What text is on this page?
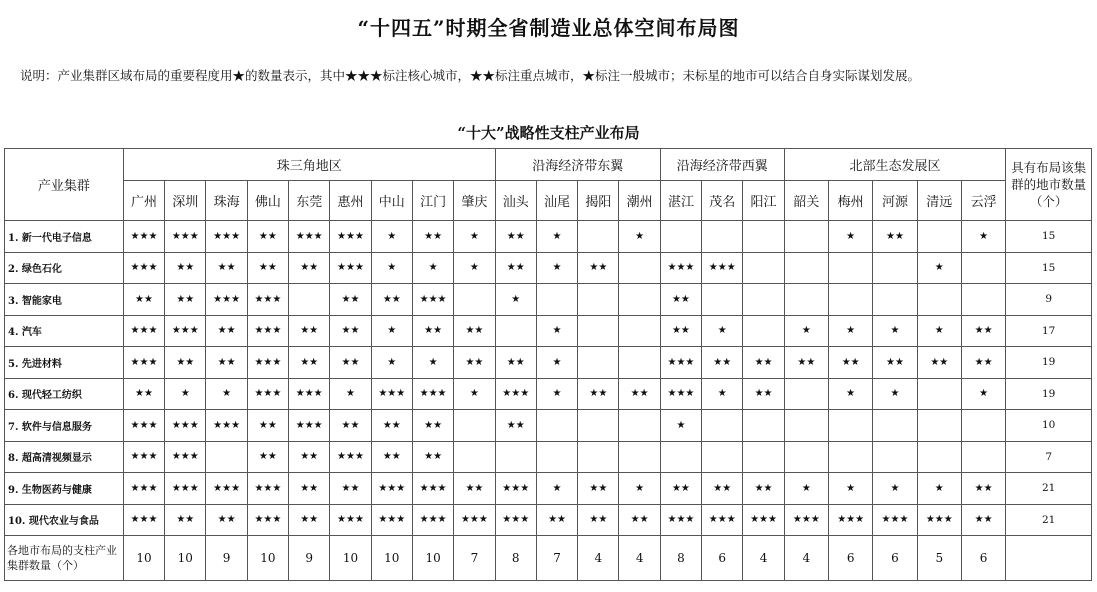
“十四五”时期全省制造业总体空间布局图
说明：产业集群区域布局的重要程度用★的数量表示，其中★★★标注核心城市，★★标注重点城市，★标注一般城市；未标星的地市可以结合自身实际谋划发展。
“十大”战略性支柱产业布局
产业集群	珠三角地区									沿海经济带东翼				沿海经济带西翼			北部生态发展区					具有布局该集群的地市数量（个）
	广州	深圳	珠海	佛山	东莞	惠州	中山	江门	肇庆	汕头	汕尾	揭阳	潮州	湛江	茂名	阳江	韶关	梅州	河源	清远	云浮	
1. 新一代电子信息	★★★	★★★	★★★	★★	★★★	★★★	★	★★	★	★★	★		★					★	★★		★	15
2. 绿色石化	★★★	★★	★★	★★	★★	★★★	★	★	★	★★	★	★★		★★★	★★★					★		15
3. 智能家电	★★	★★	★★★	★★★		★★	★★	★★★		★				★★								9
4. 汽车	★★★	★★★	★★	★★★	★★	★★	★	★★	★★		★			★★	★		★	★	★	★	★★	17
5. 先进材料	★★★	★★	★★	★★★	★★	★★	★	★	★★	★★	★			★★★	★★	★★	★★	★★	★★	★★	★★	19
6. 现代轻工纺织	★★	★	★	★★★	★★★	★	★★★	★★★	★	★★★	★	★★	★★	★★★	★	★★		★	★		★	19
7. 软件与信息服务	★★★	★★★	★★★	★★	★★★	★★	★★	★★		★★				★								10
8. 超高清视频显示	★★★	★★★		★★	★★	★★★	★★	★★														7
9. 生物医药与健康	★★★	★★★	★★★	★★★	★★	★★	★★★	★★★	★★	★★★	★	★★	★	★★	★★	★★	★	★	★	★	★★	21
10. 现代农业与食品	★★★	★★	★★	★★★	★★	★★★	★★★	★★★	★★★	★★★	★★	★★	★★	★★★	★★★	★★★	★★★	★★★	★★★	★★★	★★	21
各地市布局的支柱产业集群数量（个）	10	10	9	10	9	10	10	10	7	8	7	4	4	8	6	4	4	6	6	5	6	
